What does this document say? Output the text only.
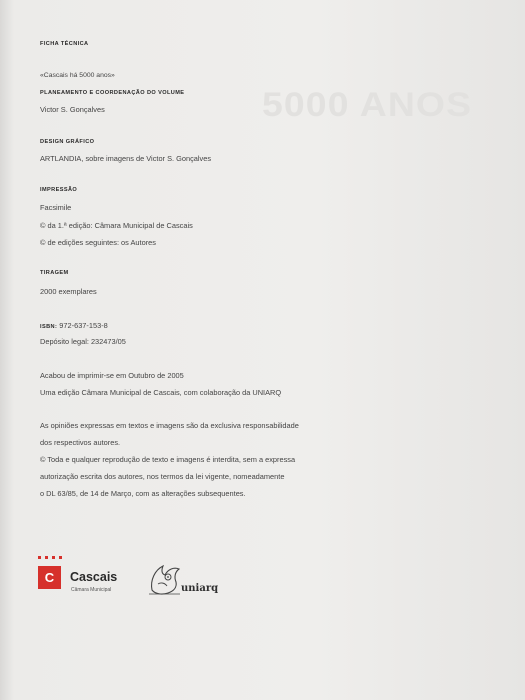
5000 ANOS
FICHA TÉCNICA
«Cascais há 5000 anos»
PLANEAMENTO E COORDENAÇÃO DO VOLUME
Victor S. Gonçalves
DESIGN GRÁFICO
ARTLANDIA, sobre imagens de Victor S. Gonçalves
IMPRESSÃO
Facsimile
© da 1.ª edição: Câmara Municipal de Cascais
© de edições seguintes: os Autores
TIRAGEM
2000 exemplares
ISBN: 972-637-153-8
Depósito legal: 232473/05
Acabou de imprimir-se em Outubro de 2005
Uma edição Câmara Municipal de Cascais, com colaboração da UNIARQ
As opiniões expressas em textos e imagens são da exclusiva responsabilidade
dos respectivos autores.
© Toda e qualquer reprodução de texto e imagens é interdita, sem a expressa
autorização escrita dos autores, nos termos da lei vigente, nomeadamente
o DL 63/85, de 14 de Março, com as alterações subsequentes.
C	Cascais
Câmara Municipal	uniarq
